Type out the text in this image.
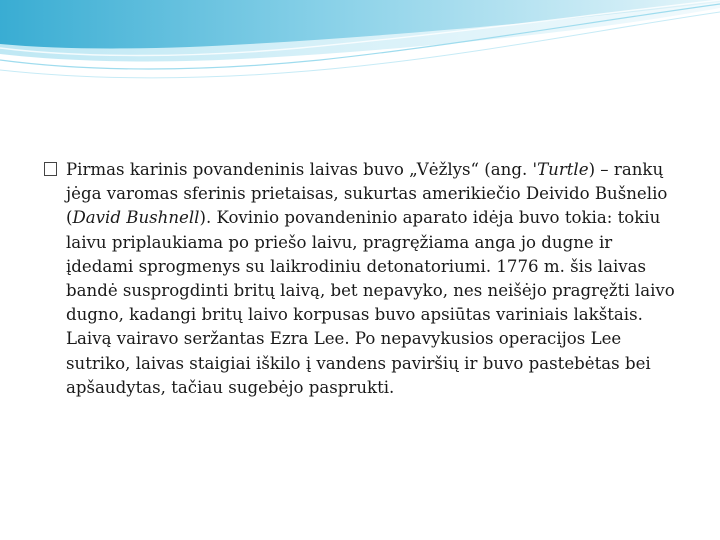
Pirmas karinis povandeninis laivas buvo „Vėžlys“ (ang. 'Turtle) – rankų jėga varomas sferinis prietaisas, sukurtas amerikiečio Deivido Bušnelio (David Bushnell). Kovinio povandeninio aparato idėja buvo tokia: tokiu laivu priplaukiama po priešo laivu, pragręžiama anga jo dugne ir įdedami sprogmenys su laikrodiniu detonatoriumi. 1776 m. šis laivas bandė susprogdinti britų laivą, bet nepavyko, nes neišėjo pragręžti laivo dugno, kadangi britų laivo korpusas buvo apsiūtas variniais lakštais. Laivą vairavo seržantas Ezra Lee. Po nepavykusios operacijos Lee sutriko, laivas staigiai iškilo į vandens paviršių ir buvo pastebėtas bei apšaudytas, tačiau sugebėjo pasprukti.
